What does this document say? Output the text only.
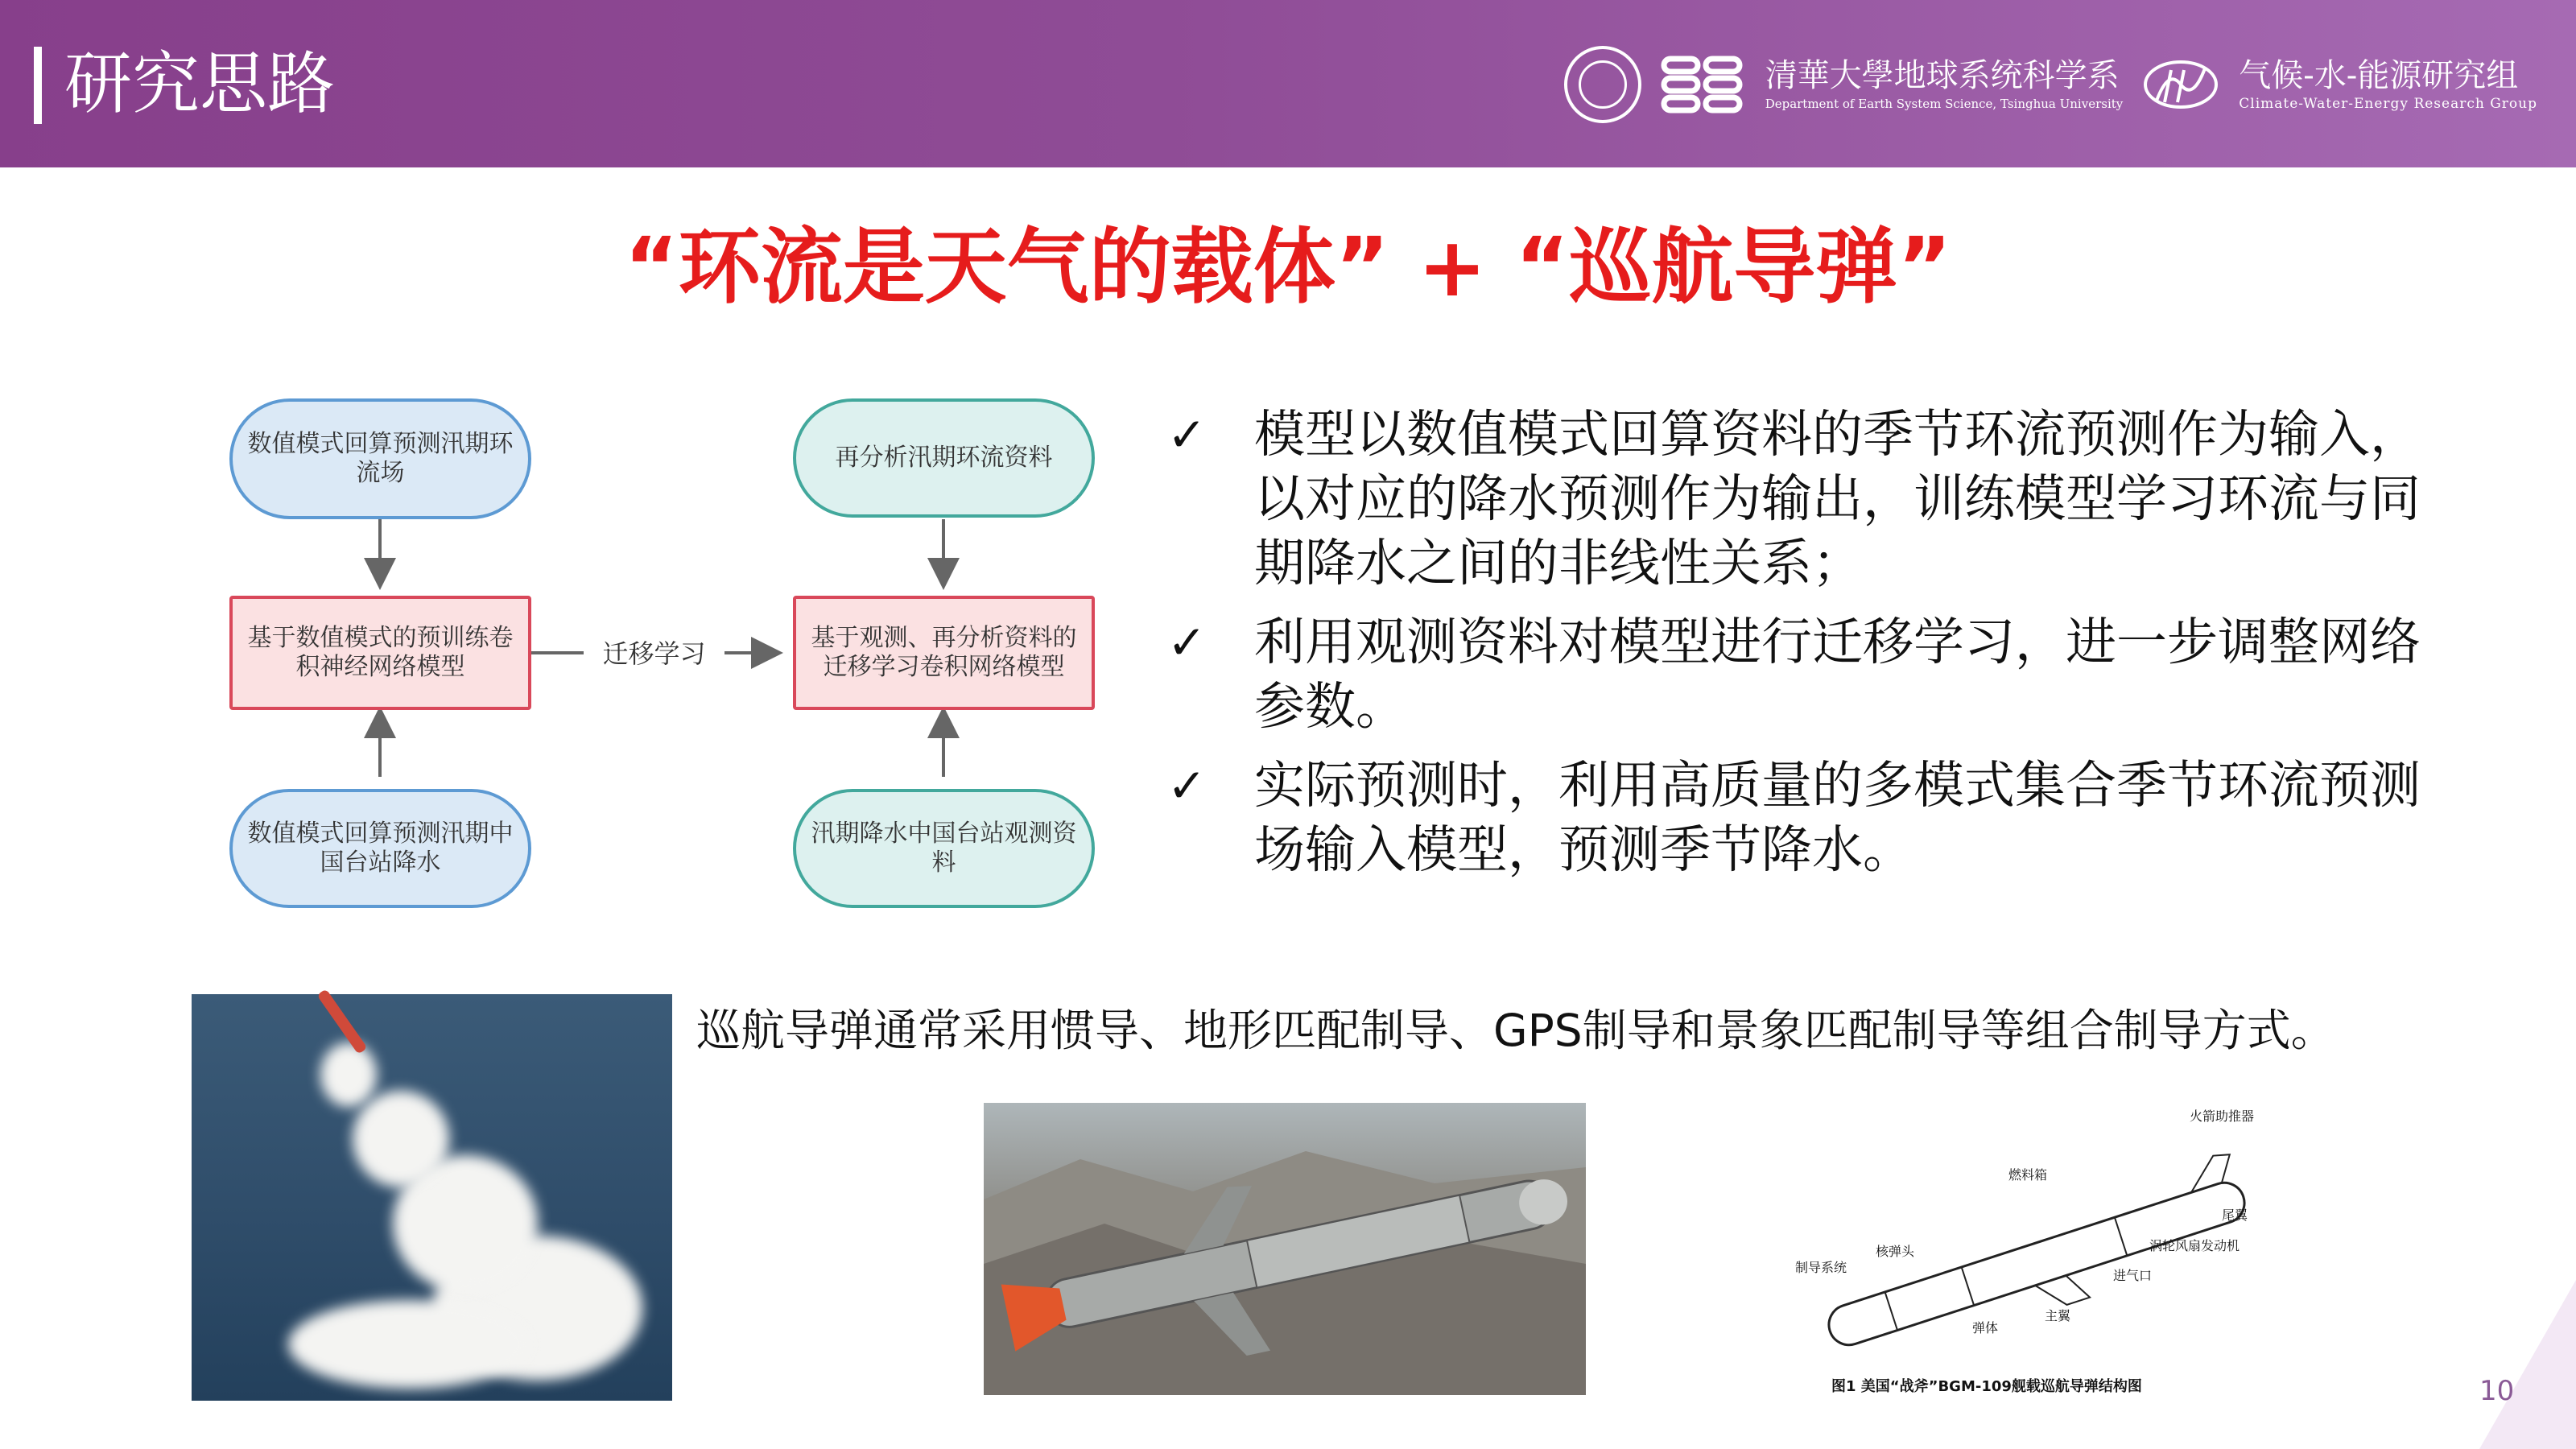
研究思路	清華大學地球系统科学系
Department of Earth System Science, Tsinghua University
气候-水-能源研究组
Climate-Water-Energy Research Group
“环流是天气的载体” + “巡航导弹”
数值模式回算预测汛期环流场
基于数值模式的预训练卷积神经网络模型
数值模式回算预测汛期中国台站降水
再分析汛期环流资料
基于观测、再分析资料的迁移学习卷积网络模型
汛期降水中国台站观测资料
迁移学习
✓ 模型以数值模式回算资料的季节环流预测作为输入，以对应的降水预测作为输出，训练模型学习环流与同期降水之间的非线性关系；
✓ 利用观测资料对模型进行迁移学习，进一步调整网络参数。
✓ 实际预测时，利用高质量的多模式集合季节环流预测场输入模型，预测季节降水。
巡航导弹通常采用惯导、地形匹配制导、GPS制导和景象匹配制导等组合制导方式。
火箭助推器
燃料箱
尾翼
核弹头	涡轮风扇发动机
制导系统
进气口
主翼
弹体
图1 美国“战斧”BGM-109舰载巡航导弹结构图	10
